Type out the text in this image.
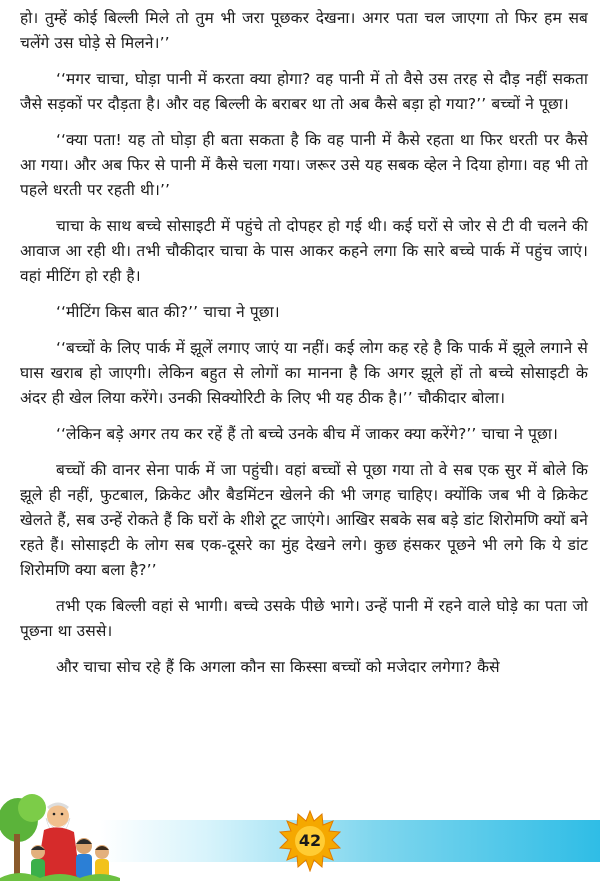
हो। तुम्हें कोई बिल्ली मिले तो तुम भी जरा पूछकर देखना। अगर पता चल जाएगा तो फिर हम सब चलेंगे उस घोड़े से मिलने।’’

‘‘मगर चाचा, घोड़ा पानी में करता क्या होगा? वह पानी में तो वैसे उस तरह से दौड़ नहीं सकता जैसे सड़कों पर दौड़ता है। और वह बिल्ली के बराबर था तो अब कैसे बड़ा हो गया?’’ बच्चों ने पूछा।

‘‘क्या पता! यह तो घोड़ा ही बता सकता है कि वह पानी में कैसे रहता था फिर धरती पर कैसे आ गया। और अब फिर से पानी में कैसे चला गया। जरूर उसे यह सबक व्हेल ने दिया होगा। वह भी तो पहले धरती पर रहती थी।’’

चाचा के साथ बच्चे सोसाइटी में पहुंचे तो दोपहर हो गई थी। कई घरों से जोर से टी वी चलने की आवाज आ रही थी। तभी चौकीदार चाचा के पास आकर कहने लगा कि सारे बच्चे पार्क में पहुंच जाएं। वहां मीटिंग हो रही है।

‘‘मीटिंग किस बात की?’’ चाचा ने पूछा।

‘‘बच्चों के लिए पार्क में झूलें लगाए जाएं या नहीं। कई लोग कह रहे है कि पार्क में झूले लगाने से घास खराब हो जाएगी। लेकिन बहुत से लोगों का मानना है कि अगर झूले हों तो बच्चे सोसाइटी के अंदर ही खेल लिया करेंगे। उनकी सिक्योरिटी के लिए भी यह ठीक है।’’ चौकीदार बोला।

‘‘लेकिन बड़े अगर तय कर रहें हैं तो बच्चे उनके बीच में जाकर क्या करेंगे?’’ चाचा ने पूछा।

बच्चों की वानर सेना पार्क में जा पहुंची। वहां बच्चों से पूछा गया तो वे सब एक सुर में बोले कि झूले ही नहीं, फुटबाल, क्रिकेट और बैडमिंटन खेलने की भी जगह चाहिए। क्योंकि जब भी वे क्रिकेट खेलते हैं, सब उन्हें रोकते हैं कि घरों के शीशे टूट जाएंगे। आखिर सबके सब बड़े डांट शिरोमणि क्यों बने रहते हैं। सोसाइटी के लोग सब एक-दूसरे का मुंह देखने लगे। कुछ हंसकर पूछने भी लगे कि ये डांट शिरोमणि क्या बला है?’’

तभी एक बिल्ली वहां से भागी। बच्चे उसके पीछे भागे। उन्हें पानी में रहने वाले घोड़े का पता जो पूछना था उससे।

और चाचा सोच रहे हैं कि अगला कौन सा किस्सा बच्चों को मजेदार लगेगा? कैसे

42
